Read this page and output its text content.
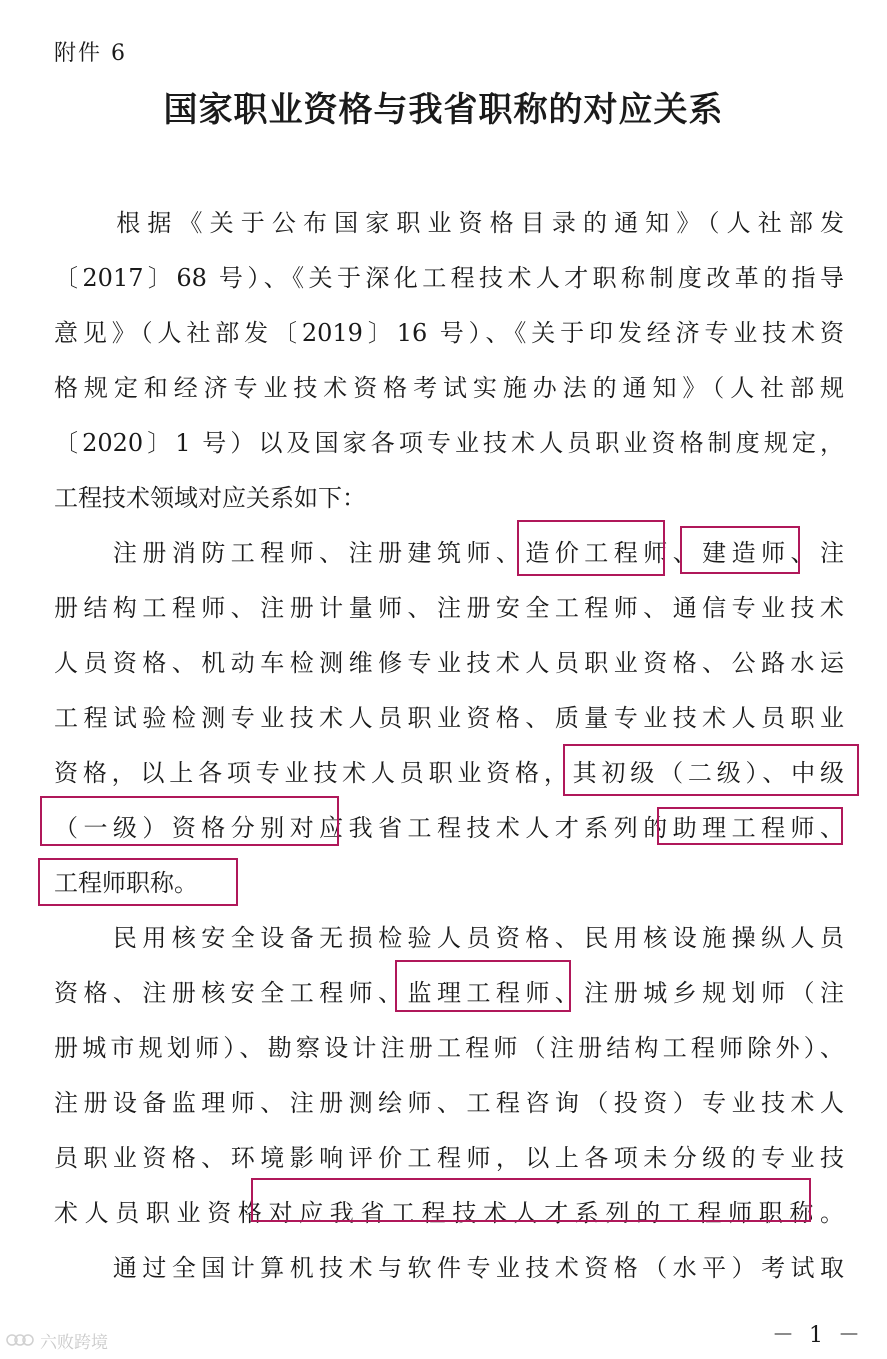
附件 6
国家职业资格与我省职称的对应关系
　　根据《关于公布国家职业资格目录的通知》（人社部发
〔2017〕68 号）、《关于深化工程技术人才职称制度改革的指导
意见》（人社部发〔2019〕16 号）、《关于印发经济专业技术资
格规定和经济专业技术资格考试实施办法的通知》（人社部规
〔2020〕1 号）以及国家各项专业技术人员职业资格制度规定，
工程技术领域对应关系如下：
　　注册消防工程师、注册建筑师、造价工程师、建造师、注
册结构工程师、注册计量师、注册安全工程师、通信专业技术
人员资格、机动车检测维修专业技术人员职业资格、公路水运
工程试验检测专业技术人员职业资格、质量专业技术人员职业
资格，以上各项专业技术人员职业资格，其初级（二级）、中级
（一级）资格分别对应我省工程技术人才系列的助理工程师、
工程师职称。
　　民用核安全设备无损检验人员资格、民用核设施操纵人员
资格、注册核安全工程师、监理工程师、注册城乡规划师（注
册城市规划师）、勘察设计注册工程师（注册结构工程师除外）、
注册设备监理师、注册测绘师、工程咨询（投资）专业技术人
员职业资格、环境影响评价工程师，以上各项未分级的专业技
术人员职业资格对应我省工程技术人才系列的工程师职称。
　　通过全国计算机技术与软件专业技术资格（水平）考试取
－ 1 －
六败跨境
